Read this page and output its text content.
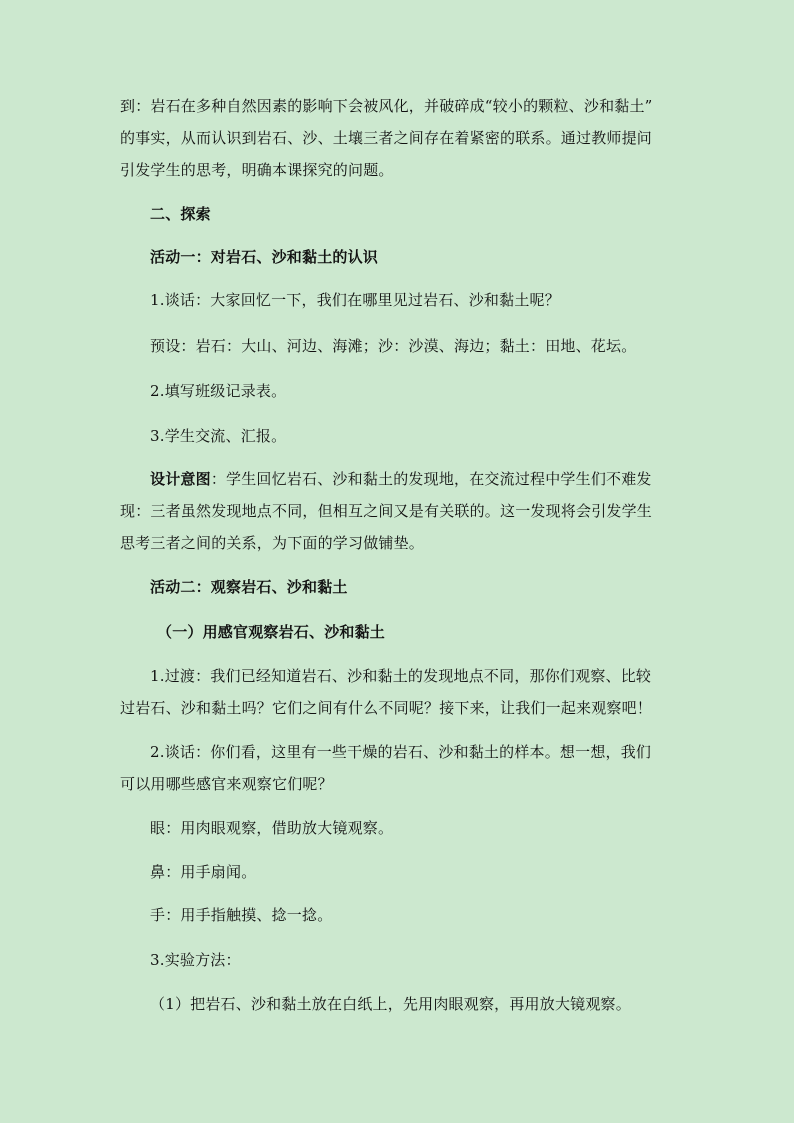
到：岩石在多种自然因素的影响下会被风化，并破碎成“较小的颗粒、沙和黏土”
的事实，从而认识到岩石、沙、土壤三者之间存在着紧密的联系。通过教师提问
引发学生的思考，明确本课探究的问题。
二、探索
活动一：对岩石、沙和黏土的认识
1.谈话：大家回忆一下，我们在哪里见过岩石、沙和黏土呢？
预设：岩石：大山、河边、海滩；沙：沙漠、海边；黏土：田地、花坛。
2.填写班级记录表。
3.学生交流、汇报。
设计意图：学生回忆岩石、沙和黏土的发现地，在交流过程中学生们不难发
现：三者虽然发现地点不同，但相互之间又是有关联的。这一发现将会引发学生
思考三者之间的关系，为下面的学习做铺垫。
活动二：观察岩石、沙和黏土
（一）用感官观察岩石、沙和黏土
1.过渡：我们已经知道岩石、沙和黏土的发现地点不同，那你们观察、比较
过岩石、沙和黏土吗？它们之间有什么不同呢？接下来，让我们一起来观察吧！
2.谈话：你们看，这里有一些干燥的岩石、沙和黏土的样本。想一想，我们
可以用哪些感官来观察它们呢？
眼：用肉眼观察，借助放大镜观察。
鼻：用手扇闻。
手：用手指触摸、捻一捻。
3.实验方法：
（1）把岩石、沙和黏土放在白纸上，先用肉眼观察，再用放大镜观察。
